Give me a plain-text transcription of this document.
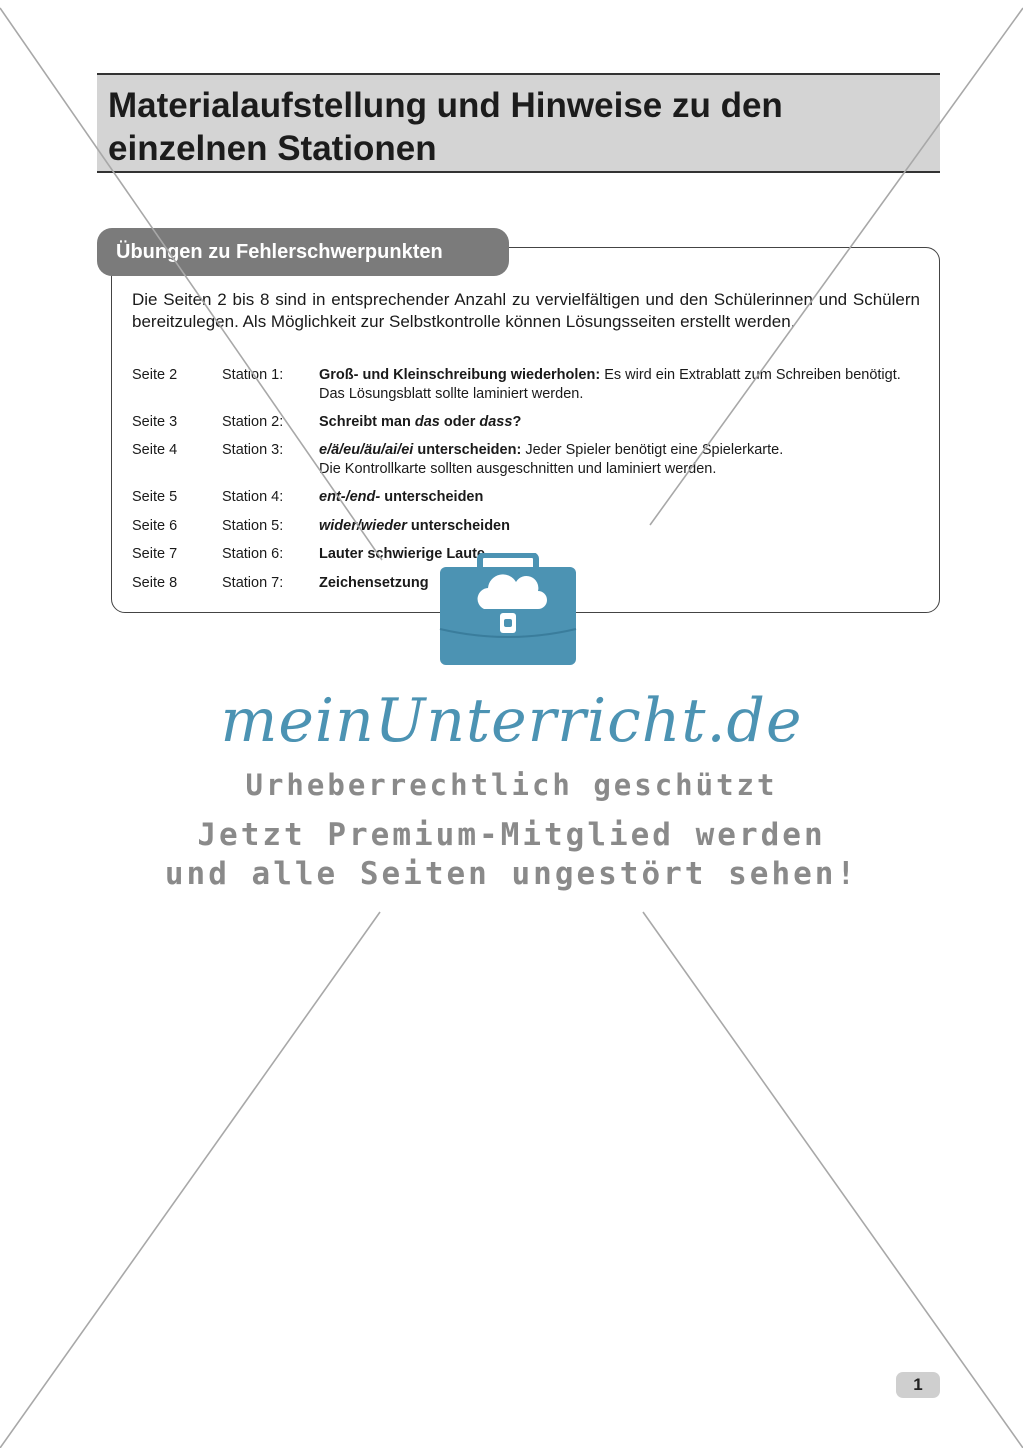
Materialaufstellung und Hinweise zu den
einzelnen Stationen
Übungen zu Fehlerschwerpunkten

Die Seiten 2 bis 8 sind in entsprechender Anzahl zu vervielfältigen und den Schülerinnen und Schülern bereitzulegen. Als Möglichkeit zur Selbstkontrolle können Lösungsseiten erstellt werden.

Seite 2	Station 1:	Groß- und Kleinschreibung wiederholen: Es wird ein Extrablatt zum Schreiben benötigt. Das Lösungsblatt sollte laminiert werden.
Seite 3	Station 2:	Schreibt man das oder dass?
Seite 4	Station 3:	e/ä/eu/äu/ai/ei unterscheiden: Jeder Spieler benötigt eine Spielerkarte.
Die Kontrollkarte sollten ausgeschnitten und laminiert werden.
Seite 5	Station 4:	ent-/end- unterscheiden
Seite 6	Station 5:	wider/wieder unterscheiden
Seite 7	Station 6:	Lauter schwierige Laute
Seite 8	Station 7:	Zeichensetzung
meinUnterricht.de
Urheberrechtlich geschützt
Jetzt Premium-Mitglied werden
und alle Seiten ungestört sehen!
1
